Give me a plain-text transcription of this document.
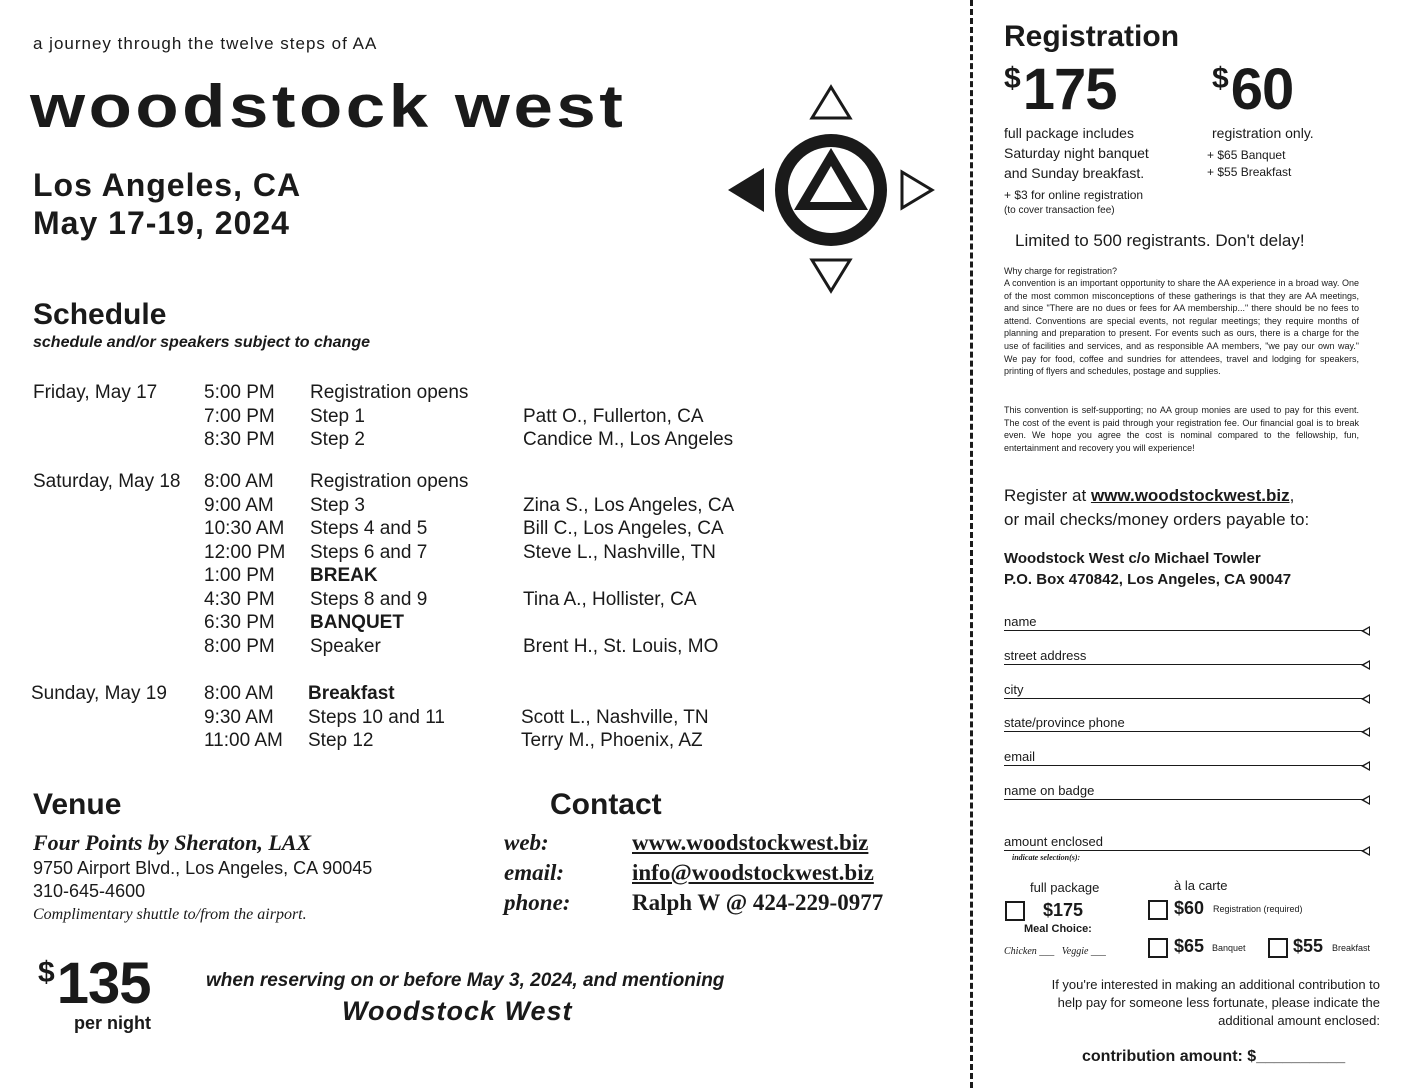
a journey through the twelve steps of AA
woodstock west
Los Angeles, CA
May 17-19, 2024
Schedule
schedule and/or speakers subject to change
Friday, May 17 5:00 PM Registration opens
7:00 PM Step 1	Patt O., Fullerton, CA
8:30 PM Step 2	Candice M., Los Angeles
Saturday, May 18 8:00 AM Registration opens
9:00 AM Step 3	Zina S., Los Angeles, CA
10:30 AM Steps 4 and 5	Bill C., Los Angeles, CA
12:00 PM Steps 6 and 7	Steve L., Nashville, TN
1:00 PM BREAK
4:30 PM Steps 8 and 9	Tina A., Hollister, CA
6:30 PM BANQUET
8:00 PM Speaker	Brent H., St. Louis, MO
Sunday, May 19 8:00 AM Breakfast
9:30 AM Steps 10 and 11	Scott L., Nashville, TN
11:00 AM Step 12	Terry M., Phoenix, AZ
Venue
Four Points by Sheraton, LAX
9750 Airport Blvd., Los Angeles, CA 90045
310-645-4600
Complimentary shuttle to/from the airport.
Contact
web:	www.woodstockwest.biz
email:	info@woodstockwest.biz
phone:	Ralph W @ 424-229-0977
$135
per night
when reserving on or before May 3, 2024, and mentioning
Woodstock West
Registration
$175
full package includes
Saturday night banquet
and Sunday breakfast.
+ $3 for online registration
(to cover transaction fee)
$60
registration only.
+ $65 Banquet
+ $55 Breakfast
Limited to 500 registrants. Don't delay!
Why charge for registration?
A convention is an important opportunity to share the AA experience in a broad way. One of the most common misconceptions of these gatherings is that they are AA meetings, and since "There are no dues or fees for AA membership..." there should be no fees to attend. Conventions are special events, not regular meetings; they require months of planning and preparation to present. For events such as ours, there is a charge for the use of facilities and services, and as responsible AA members, "we pay our own way." We pay for food, coffee and sundries for attendees, travel and lodging for speakers, printing of flyers and schedules, postage and supplies.
This convention is self-supporting; no AA group monies are used to pay for this event. The cost of the event is paid through your registration fee. Our financial goal is to break even. We hope you agree the cost is nominal compared to the fellowship, fun, entertainment and recovery you will experience!
Register at www.woodstockwest.biz,
or mail checks/money orders payable to:
Woodstock West c/o Michael Towler
P.O. Box 470842, Los Angeles, CA 90047
name
street address
city
state/province phone
email
name on badge
amount enclosed
indicate selection(s):
full package
$175
Meal Choice:
Chicken ___   Veggie ___
à la carte
$60 Registration (required)
$65 Banquet	$55 Breakfast
If you're interested in making an additional contribution to
help pay for someone less fortunate, please indicate the
additional amount enclosed:
contribution amount: $__________
